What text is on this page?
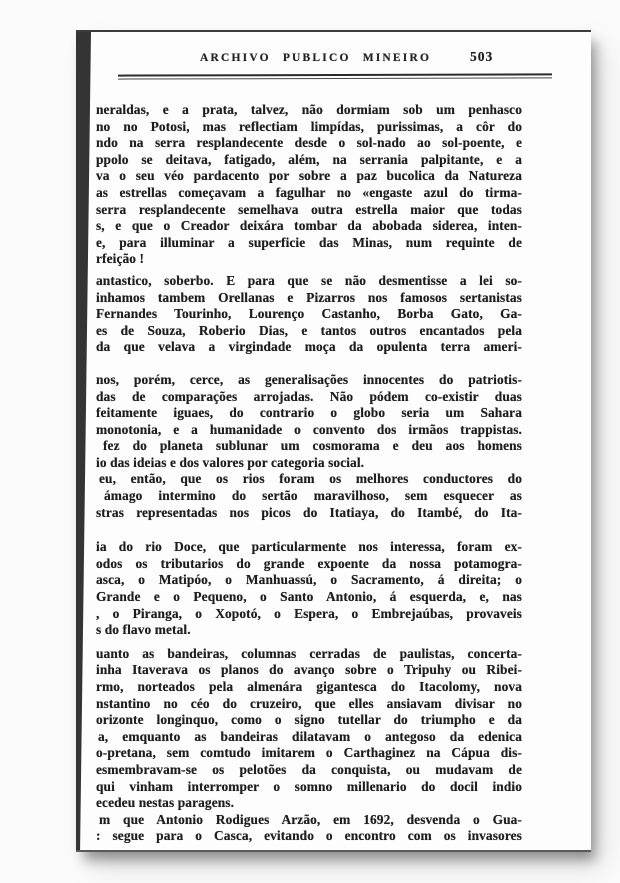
ARCHIVO PUBLICO MINEIRO	503
neraldas, e a prata, talvez, não dormiam sob um penhasco
no no Potosi, mas reflectiam limpídas, purissimas, a côr do
ndo na serra resplandecente desde o sol-nado ao sol-poente, e
ppolo se deitava, fatigado, além, na serrania palpitante, e a
va o seu véo pardacento por sobre a paz bucolica da Natureza
as estrellas começavam a fagulhar no «engaste azul do tirma-
serra resplandecente semelhava outra estrella maior que todas
s, e que o Creador deixára tombar da abobada siderea, inten-
e, para illuminar a superficie das Minas, num requinte de
rfeição !
antastico, soberbo. E para que se não desmentisse a lei so-
inhamos tambem Orellanas e Pizarros nos famosos sertanistas
Fernandes Tourinho, Lourenço Castanho, Borba Gato, Ga-
es de Souza, Roberio Dias, e tantos outros encantados pela
da que velava a virgindade moça da opulenta terra ameri-
nos, porém, cerce, as generalisações innocentes do patriotis-
das de comparações arrojadas. Não pódem co-existir duas
feitamente iguaes, do contrario o globo seria um Sahara
monotonia, e a humanidade o convento dos irmãos trappistas.
fez do planeta sublunar um cosmorama e deu aos homens
io das ideias e dos valores por categoria social.
eu, então, que os rios foram os melhores conductores do
ámago intermino do sertão maravilhoso, sem esquecer as
stras representadas nos picos do Itatiaya, do Itambé, do Ita-
ia do rio Doce, que particularmente nos interessa, foram ex-
odos os tributarios do grande expoente da nossa potamogra-
asca, o Matipóo, o Manhuassú, o Sacramento, á direita; o
Grande e o Pequeno, o Santo Antonio, á esquerda, e, nas
, o Piranga, o Xopotó, o Espera, o Embrejaúbas, provaveis
s do flavo metal.
uanto as bandeiras, columnas cerradas de paulistas, concerta-
inha Itaverava os planos do avanço sobre o Tripuhy ou Ribei-
rmo, norteados pela almenára gigantesca do Itacolomy, nova
nstantino no céo do cruzeiro, que elles ansiavam divisar no
orizonte longinquo, como o signo tutellar do triumpho e da
a, emquanto as bandeiras dilatavam o antegoso da edenica
o-pretana, sem comtudo imitarem o Carthaginez na Cápua dis-
esmembravam-se os pelotões da conquista, ou mudavam de
qui vinham interromper o somno millenario do docil indio
ecedeu nestas paragens.
m que Antonio Rodigues Arzão, em 1692, desvenda o Gua-
: segue para o Casca, evitando o encontro com os invasores
